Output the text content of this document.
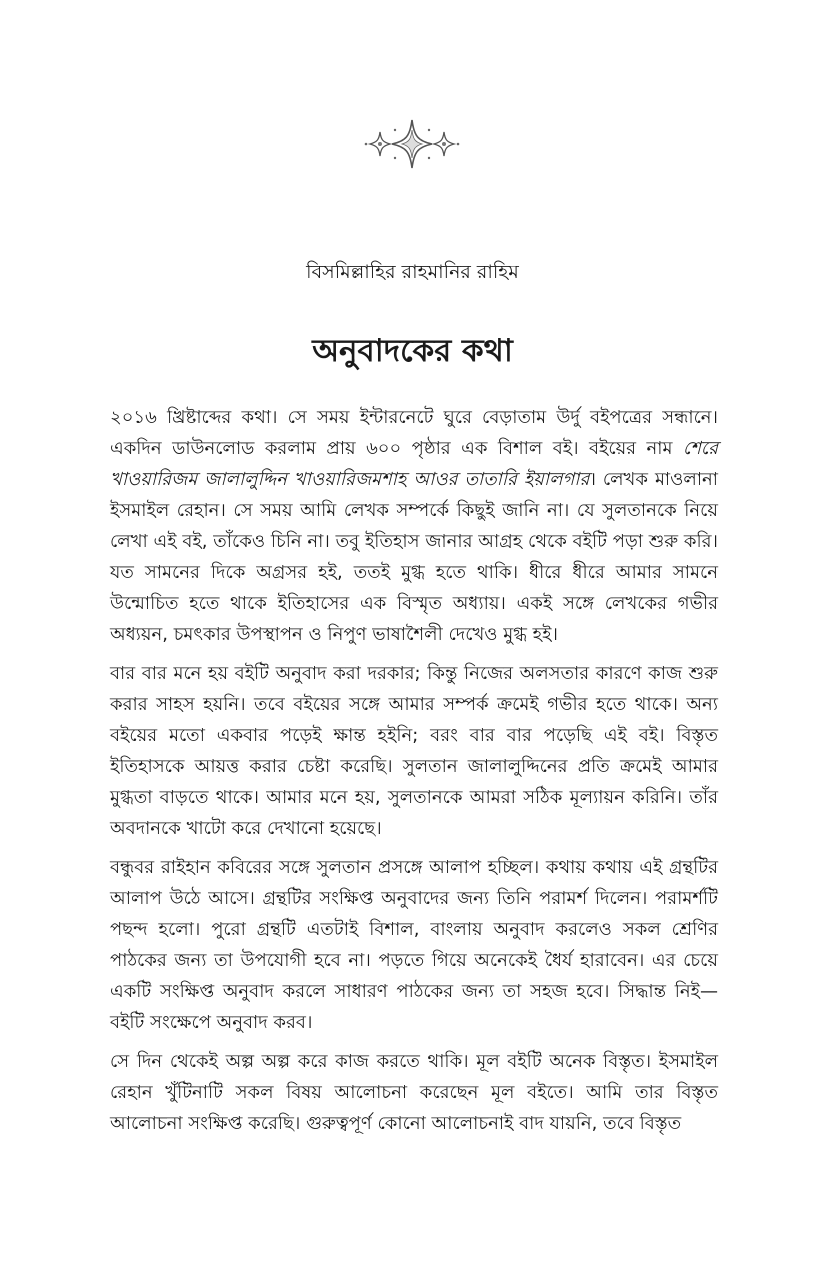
বিসমিল্লাহির রাহমানির রাহিম

অনুবাদকের কথা

২০১৬ খ্রিষ্টাব্দের কথা। সে সময় ইন্টারনেটে ঘুরে বেড়াতাম উর্দু বইপত্রের সন্ধানে। একদিন ডাউনলোড করলাম প্রায় ৬০০ পৃষ্ঠার এক বিশাল বই। বইয়ের নাম শেরে খাওয়ারিজম জালালুদ্দিন খাওয়ারিজমশাহ আওর তাতারি ইয়ালগার। লেখক মাওলানা ইসমাইল রেহান। সে সময় আমি লেখক সম্পর্কে কিছুই জানি না। যে সুলতানকে নিয়ে লেখা এই বই, তাঁকেও চিনি না। তবু ইতিহাস জানার আগ্রহ থেকে বইটি পড়া শুরু করি। যত সামনের দিকে অগ্রসর হই, ততই মুগ্ধ হতে থাকি। ধীরে ধীরে আমার সামনে উন্মোচিত হতে থাকে ইতিহাসের এক বিস্মৃত অধ্যায়। একই সঙ্গে লেখকের গভীর অধ্যয়ন, চমৎকার উপস্থাপন ও নিপুণ ভাষাশৈলী দেখেও মুগ্ধ হই।

বার বার মনে হয় বইটি অনুবাদ করা দরকার; কিন্তু নিজের অলসতার কারণে কাজ শুরু করার সাহস হয়নি। তবে বইয়ের সঙ্গে আমার সম্পর্ক ক্রমেই গভীর হতে থাকে। অন্য বইয়ের মতো একবার পড়েই ক্ষান্ত হইনি; বরং বার বার পড়েছি এই বই। বিস্তৃত ইতিহাসকে আয়ত্ত করার চেষ্টা করেছি। সুলতান জালালুদ্দিনের প্রতি ক্রমেই আমার মুগ্ধতা বাড়তে থাকে। আমার মনে হয়, সুলতানকে আমরা সঠিক মূল্যায়ন করিনি। তাঁর অবদানকে খাটো করে দেখানো হয়েছে।

বন্ধুবর রাইহান কবিরের সঙ্গে সুলতান প্রসঙ্গে আলাপ হচ্ছিল। কথায় কথায় এই গ্রন্থটির আলাপ উঠে আসে। গ্রন্থটির সংক্ষিপ্ত অনুবাদের জন্য তিনি পরামর্শ দিলেন। পরামর্শটি পছন্দ হলো। পুরো গ্রন্থটি এতটাই বিশাল, বাংলায় অনুবাদ করলেও সকল শ্রেণির পাঠকের জন্য তা উপযোগী হবে না। পড়তে গিয়ে অনেকেই ধৈর্য হারাবেন। এর চেয়ে একটি সংক্ষিপ্ত অনুবাদ করলে সাধারণ পাঠকের জন্য তা সহজ হবে। সিদ্ধান্ত নিই—বইটি সংক্ষেপে অনুবাদ করব।

সে দিন থেকেই অল্প অল্প করে কাজ করতে থাকি। মূল বইটি অনেক বিস্তৃত। ইসমাইল রেহান খুঁটিনাটি সকল বিষয় আলোচনা করেছেন মূল বইতে। আমি তার বিস্তৃত আলোচনা সংক্ষিপ্ত করেছি। গুরুত্বপূর্ণ কোনো আলোচনাই বাদ যায়নি, তবে বিস্তৃত
